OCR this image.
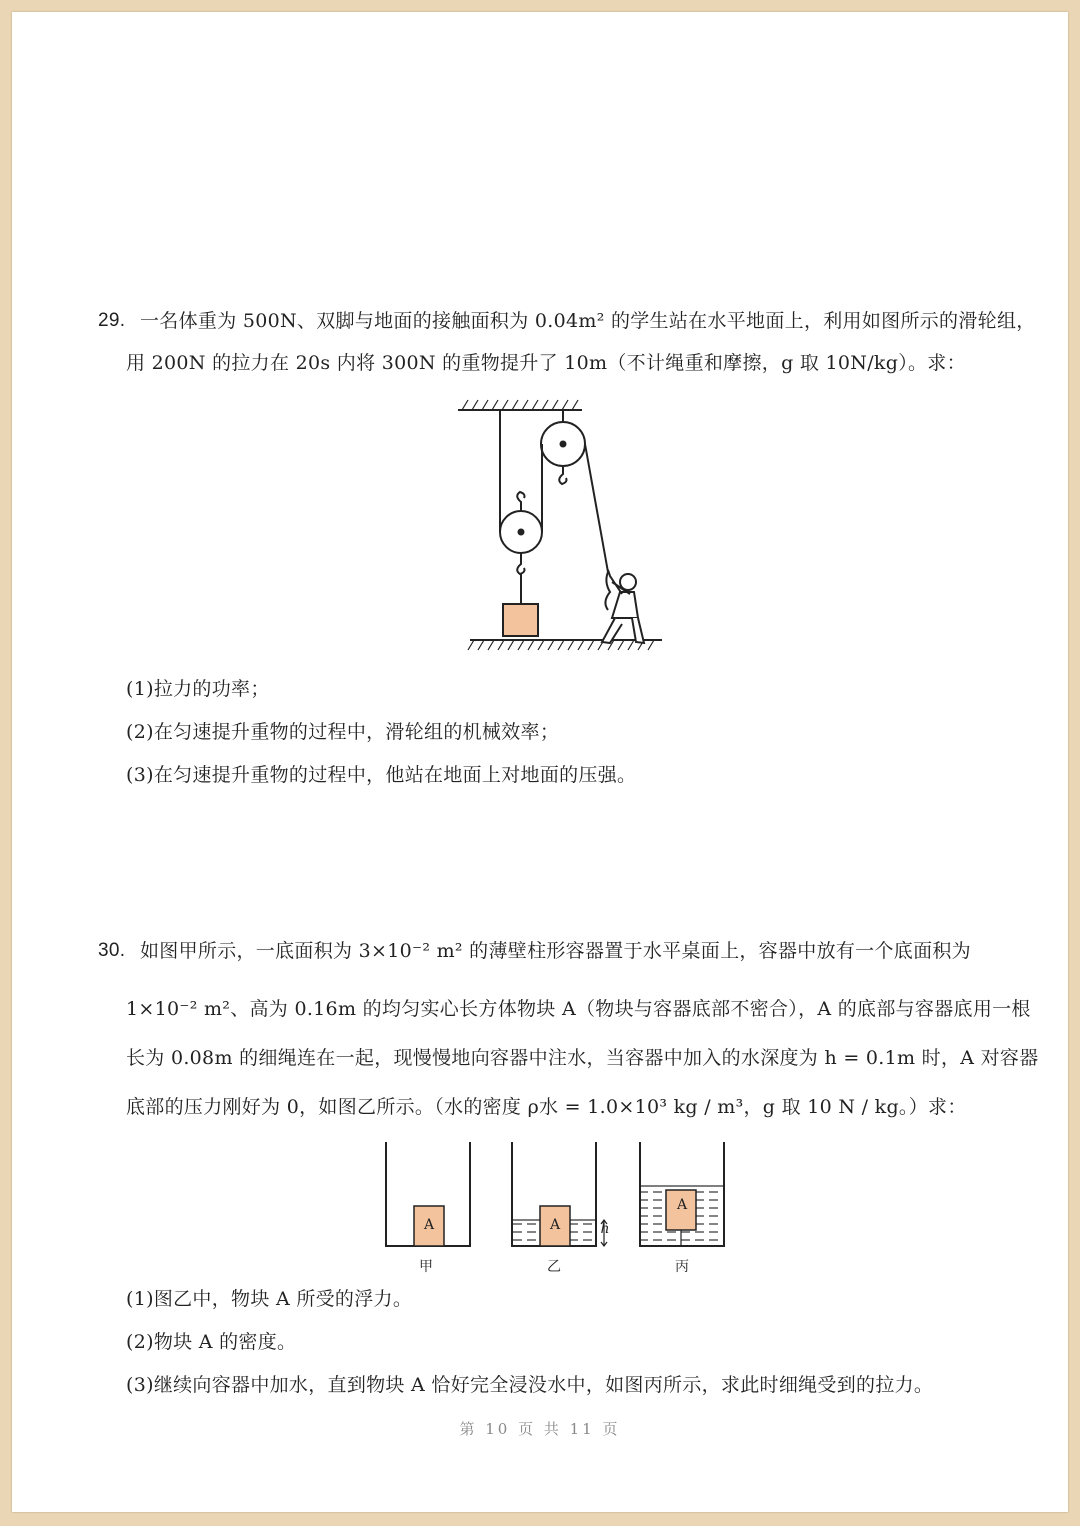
29. 一名体重为 500N、双脚与地面的接触面积为 0.04m² 的学生站在水平地面上，利用如图所示的滑轮组，
用 200N 的拉力在 20s 内将 300N 的重物提升了 10m（不计绳重和摩擦，g 取 10N/kg）。求：
(1)拉力的功率；
(2)在匀速提升重物的过程中，滑轮组的机械效率；
(3)在匀速提升重物的过程中，他站在地面上对地面的压强。
30. 如图甲所示，一底面积为 3×10⁻² m² 的薄壁柱形容器置于水平桌面上，容器中放有一个底面积为
1×10⁻² m²、高为 0.16m 的均匀实心长方体物块 A（物块与容器底部不密合），A 的底部与容器底用一根
长为 0.08m 的细绳连在一起，现慢慢地向容器中注水，当容器中加入的水深度为 h = 0.1m 时，A 对容器
底部的压力刚好为 0，如图乙所示。（水的密度 ρ水 = 1.0×10³ kg / m³，g 取 10 N / kg。）求：
A	A
A
h
甲	乙	丙
(1)图乙中，物块 A 所受的浮力。
(2)物块 A 的密度。
(3)继续向容器中加水，直到物块 A 恰好完全浸没水中，如图丙所示，求此时细绳受到的拉力。
第 10 页 共 11 页
